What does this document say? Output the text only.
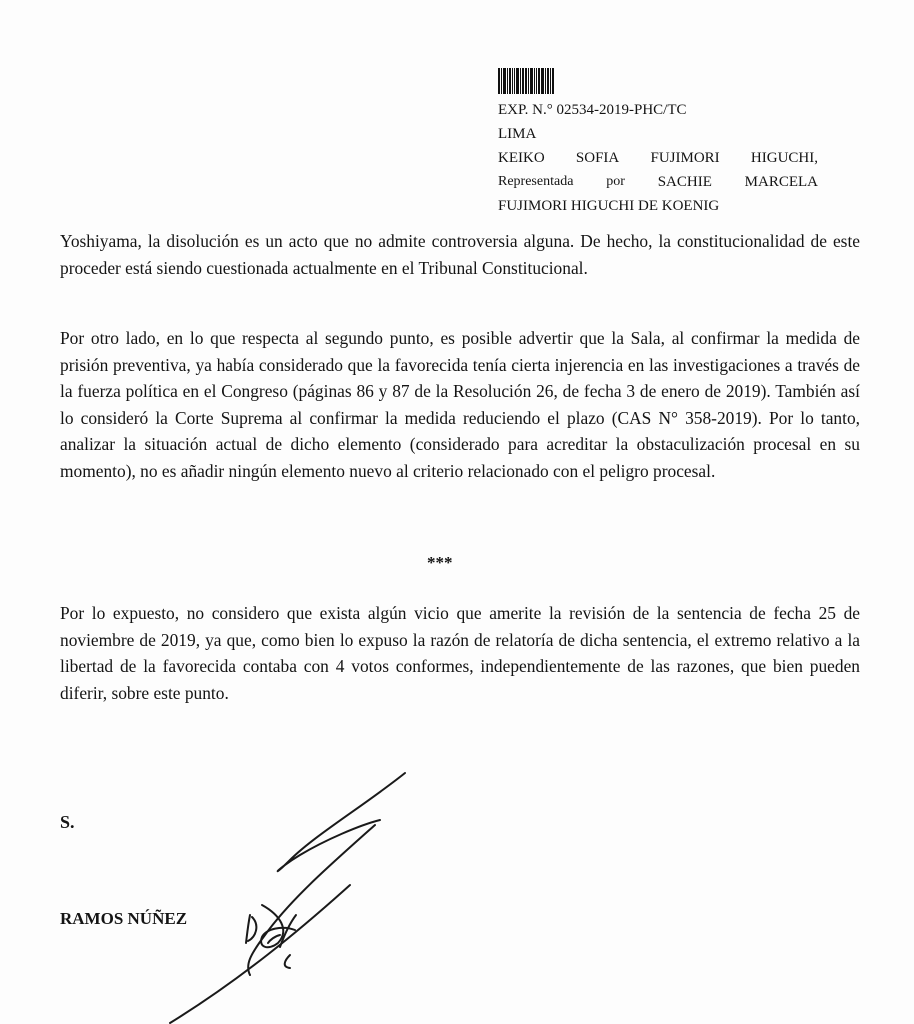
EXP. N.° 02534-2019-PHC/TC
LIMA
KEIKO SOFIA FUJIMORI HIGUCHI,
Representada por SACHIE MARCELA
FUJIMORI HIGUCHI DE KOENIG
Yoshiyama, la disolución es un acto que no admite controversia alguna. De hecho, la constitucionalidad de este proceder está siendo cuestionada actualmente en el Tribunal Constitucional.
Por otro lado, en lo que respecta al segundo punto, es posible advertir que la Sala, al confirmar la medida de prisión preventiva, ya había considerado que la favorecida tenía cierta injerencia en las investigaciones a través de la fuerza política en el Congreso (páginas 86 y 87 de la Resolución 26, de fecha 3 de enero de 2019). También así lo consideró la Corte Suprema al confirmar la medida reduciendo el plazo (CAS N° 358-2019). Por lo tanto, analizar la situación actual de dicho elemento (considerado para acreditar la obstaculización procesal en su momento), no es añadir ningún elemento nuevo al criterio relacionado con el peligro procesal.
***
Por lo expuesto, no considero que exista algún vicio que amerite la revisión de la sentencia de fecha 25 de noviembre de 2019, ya que, como bien lo expuso la razón de relatoría de dicha sentencia, el extremo relativo a la libertad de la favorecida contaba con 4 votos conformes, independientemente de las razones, que bien pueden diferir, sobre este punto.
S.
RAMOS NÚÑEZ
